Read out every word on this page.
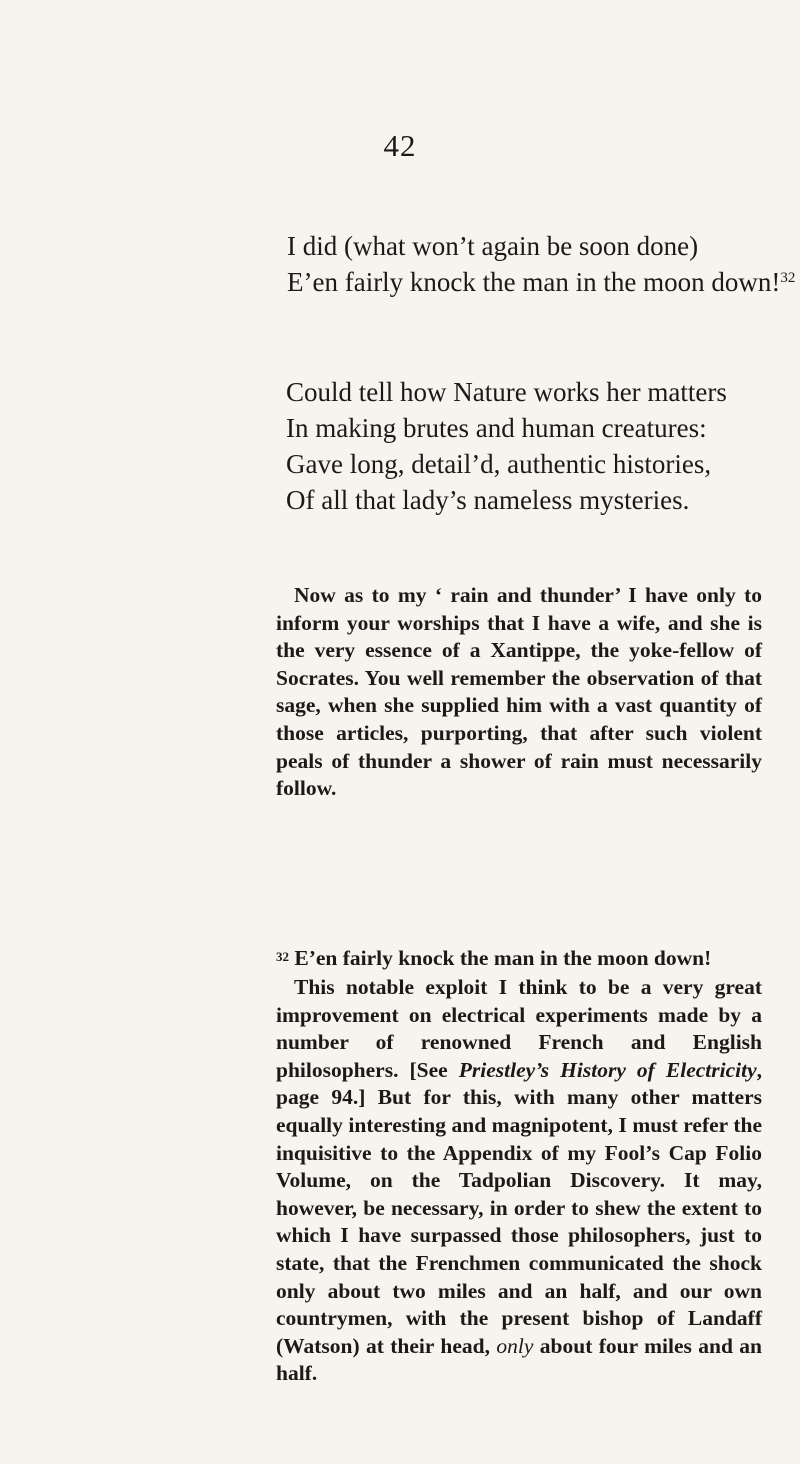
42
I did (what won’t again be soon done)
E’en fairly knock the man in the moon down!$^{32}$
Could tell how Nature works her matters
In making brutes and human creatures:
Gave long, detail’d, authentic histories,
Of all that lady’s nameless mysteries.

Now as to my ‘ rain and thunder’ I have only to inform your worships that I have a wife, and she is the very essence of a Xantippe, the yoke-fellow of Socrates. You well remember the observation of that sage, when she supplied him with a vast quantity of those articles, purporting, that after such violent peals of thunder a shower of rain must necessarily follow.

$^{32}$ E’en fairly knock the man in the moon down!

This notable exploit I think to be a very great improvement on electrical experiments made by a number of renowned French and English philosophers. [See Priestley’s History of Electricity, page 94.] But for this, with many other matters equally interesting and magnipotent, I must refer the inquisitive to the Appendix of my Fool’s Cap Folio Volume, on the Tadpolian Discovery. It may, however, be necessary, in order to shew the extent to which I have surpassed those philosophers, just to state, that the Frenchmen communicated the shock only about two miles and an half, and our own countrymen, with the present bishop of Landaff (Watson) at their head, only about four miles and an half.
